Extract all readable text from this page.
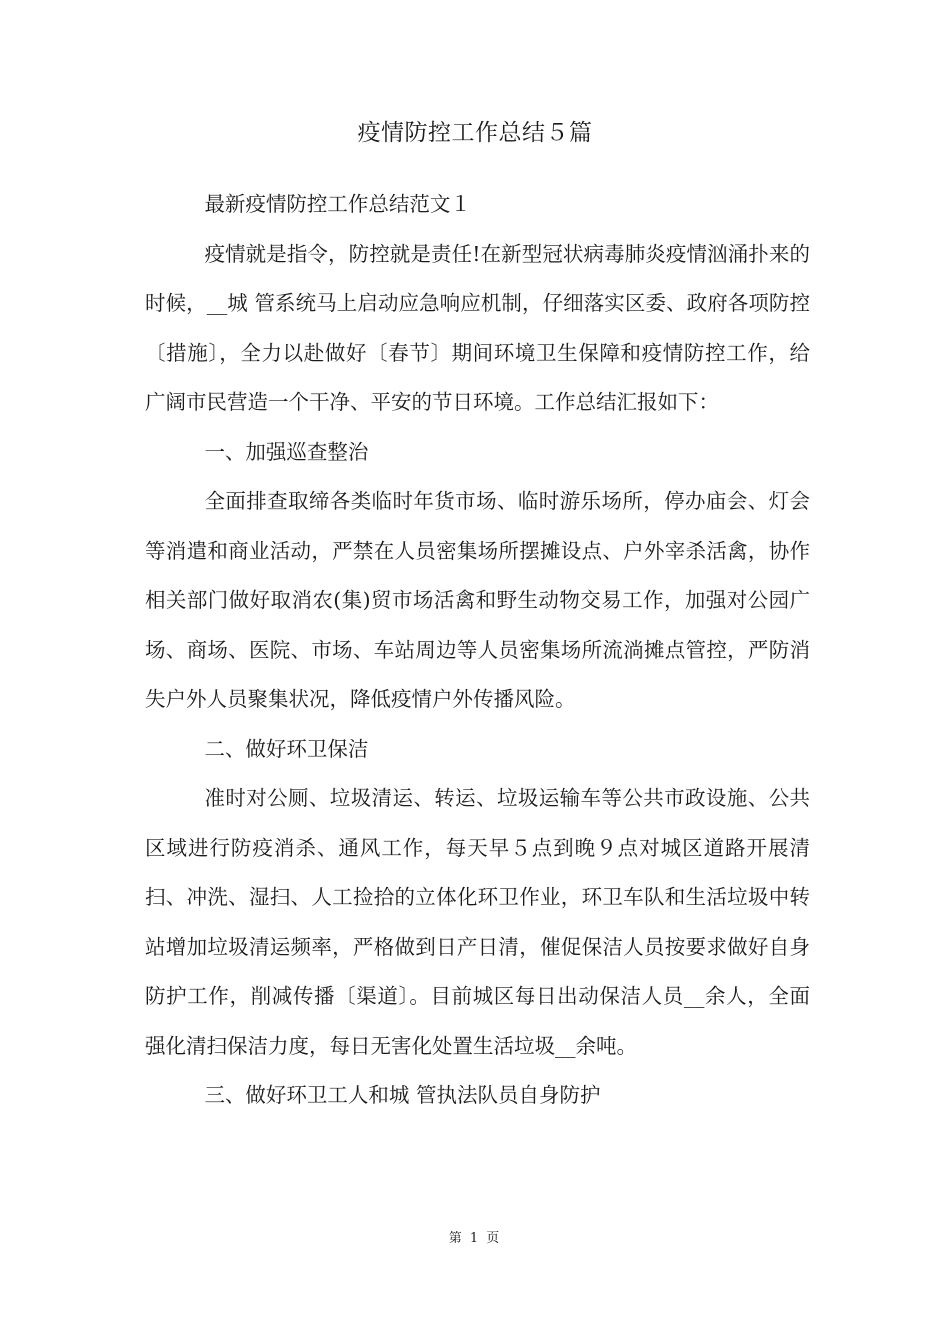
疫情防控工作总结５篇

最新疫情防控工作总结范文１

疫情就是指令，防控就是责任!在新型冠状病毒肺炎疫情汹涌扑来的时候，__城 管系统马上启动应急响应机制，仔细落实区委、政府各项防控〔措施〕，全力以赴做好〔春节〕期间环境卫生保障和疫情防控工作，给广阔市民营造一个干净、平安的节日环境。工作总结汇报如下：

一、加强巡查整治

全面排查取缔各类临时年货市场、临时游乐场所，停办庙会、灯会等消遣和商业活动，严禁在人员密集场所摆摊设点、户外宰杀活禽，协作相关部门做好取消农(集)贸市场活禽和野生动物交易工作，加强对公园广场、商场、医院、市场、车站周边等人员密集场所流淌摊点管控，严防消失户外人员聚集状况，降低疫情户外传播风险。

二、做好环卫保洁

准时对公厕、垃圾清运、转运、垃圾运输车等公共市政设施、公共区域进行防疫消杀、通风工作，每天早５点到晚９点对城区道路开展清扫、冲洗、湿扫、人工捡拾的立体化环卫作业，环卫车队和生活垃圾中转站增加垃圾清运频率，严格做到日产日清，催促保洁人员按要求做好自身防护工作，削减传播〔渠道〕。目前城区每日出动保洁人员__余人，全面强化清扫保洁力度，每日无害化处置生活垃圾__余吨。

三、做好环卫工人和城 管执法队员自身防护

第 1 页
